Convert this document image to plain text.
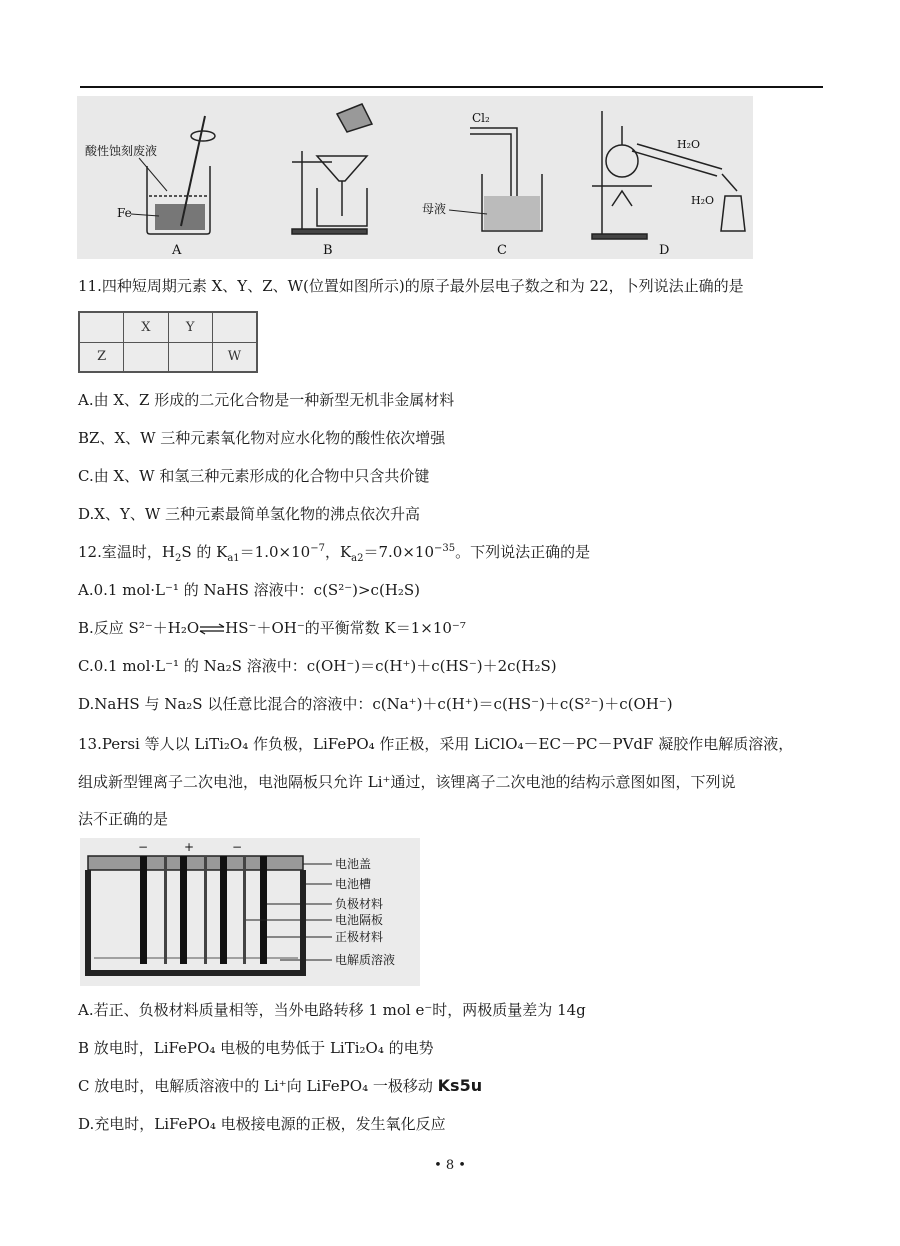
酸性蚀刻废液
Fe
A	B
Cl₂
母液
C
H₂O
H₂O
D
11.四种短周期元素 X、Y、Z、W(位置如图所示)的原子最外层电子数之和为 22，卜列说法止确的是
	X	Y	
Z			W
A.由 X、Z 形成的二元化合物是一种新型无机非金属材料
BZ、X、W 三种元素氧化物对应水化物的酸性依次增强
C.由 X、W 和氢三种元素形成的化合物中只含共价键
D.X、Y、W 三种元素最简单氢化物的沸点依次升高
12.室温时，$H_2S$ 的 $K_{a1}=1.0\times 10^{-7}$，$K_{a2}=7.0\times 10^{-35}$。下列说法正确的是
A.0.1 mol·L⁻¹ 的 NaHS 溶液中：c(S²⁻)>c(H₂S)
B.反应 S²⁻＋H₂O⇌HS⁻＋OH⁻的平衡常数 K＝1×10⁻⁷
C.0.1 mol·L⁻¹ 的 Na₂S 溶液中：c(OH⁻)＝c(H⁺)＋c(HS⁻)＋2c(H₂S)
D.NaHS 与 Na₂S 以任意比混合的溶液中：c(Na⁺)＋c(H⁺)＝c(HS⁻)＋c(S²⁻)＋c(OH⁻)
13.Persi 等人以 LiTi₂O₄ 作负极，LiFePO₄ 作正极，采用 LiClO₄－EC－PC－PVdF 凝胶作电解质溶液，
组成新型锂离子二次电池，电池隔板只允许 Li⁺通过，该锂离子二次电池的结构示意图如图，下列说
法不正确的是
−	+	−
电池盖
电池槽
负极材料
电池隔板
正极材料
电解质溶液
A.若正、负极材料质量相等，当外电路转移 1 mol e⁻时，两极质量差为 14g
B 放电时，LiFePO₄ 电极的电势低于 LiTi₂O₄ 的电势
C 放电时，电解质溶液中的 Li⁺向 LiFePO₄ 一极移动 Ks5u
D.充电时，LiFePO₄ 电极接电源的正极，发生氧化反应
• 8 •
